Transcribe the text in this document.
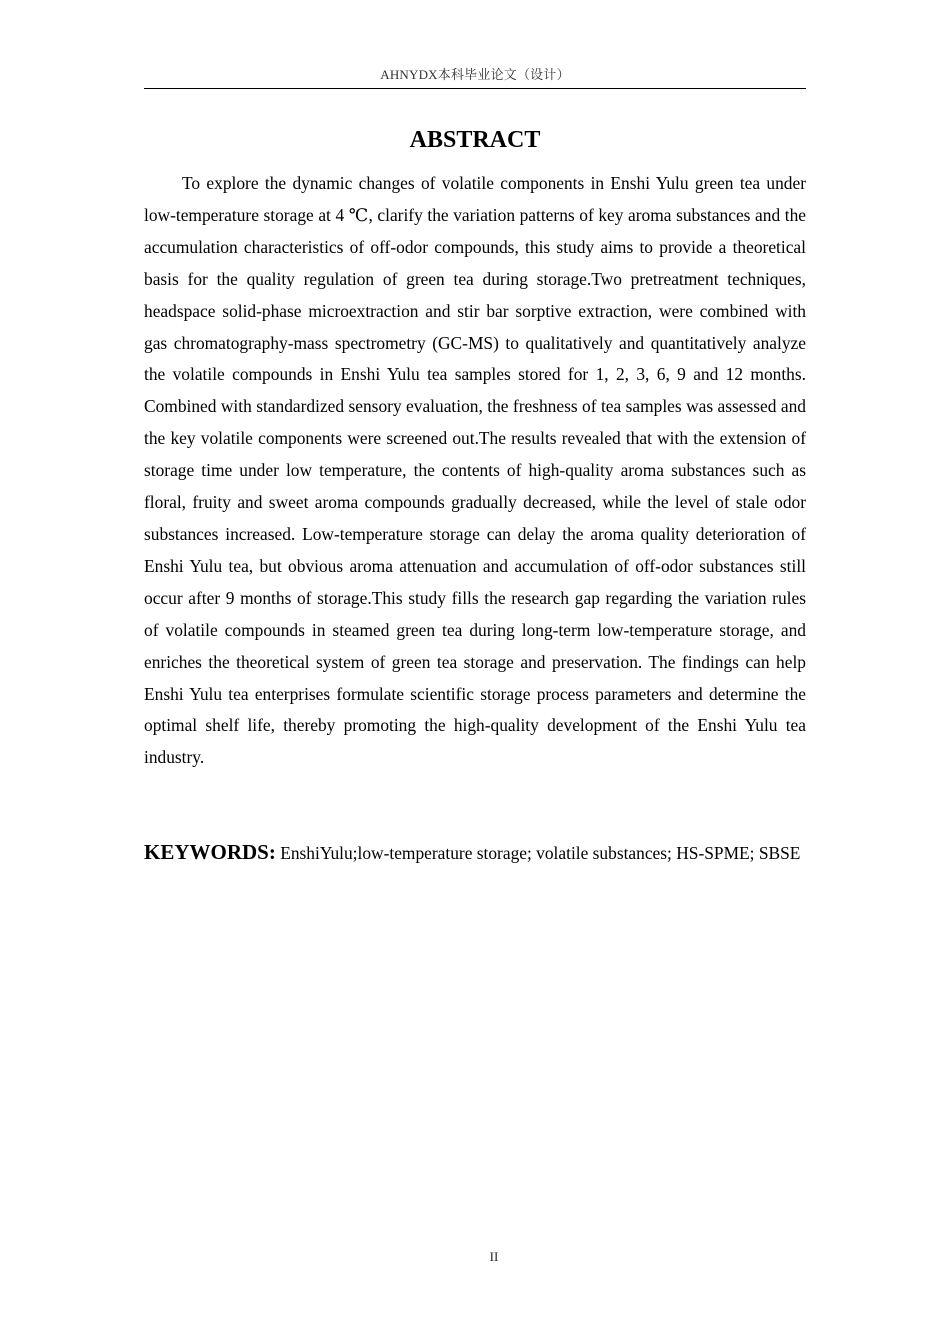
AHNYDX本科毕业论文（设计）
ABSTRACT

To explore the dynamic changes of volatile components in Enshi Yulu green tea under low-temperature storage at 4 ℃, clarify the variation patterns of key aroma substances and the accumulation characteristics of off-odor compounds, this study aims to provide a theoretical basis for the quality regulation of green tea during storage.Two pretreatment techniques, headspace solid-phase microextraction and stir bar sorptive extraction, were combined with gas chromatography-mass spectrometry (GC-MS) to qualitatively and quantitatively analyze the volatile compounds in Enshi Yulu tea samples stored for 1, 2, 3, 6, 9 and 12 months. Combined with standardized sensory evaluation, the freshness of tea samples was assessed and the key volatile components were screened out.The results revealed that with the extension of storage time under low temperature, the contents of high-quality aroma substances such as floral, fruity and sweet aroma compounds gradually decreased, while the level of stale odor substances increased. Low-temperature storage can delay the aroma quality deterioration of Enshi Yulu tea, but obvious aroma attenuation and accumulation of off-odor substances still occur after 9 months of storage.This study fills the research gap regarding the variation rules of volatile compounds in steamed green tea during long-term low-temperature storage, and enriches the theoretical system of green tea storage and preservation. The findings can help Enshi Yulu tea enterprises formulate scientific storage process parameters and determine the optimal shelf life, thereby promoting the high-quality development of the Enshi Yulu tea industry.

KEYWORDS: EnshiYulu;low-temperature storage; volatile substances; HS-SPME; SBSE

II
